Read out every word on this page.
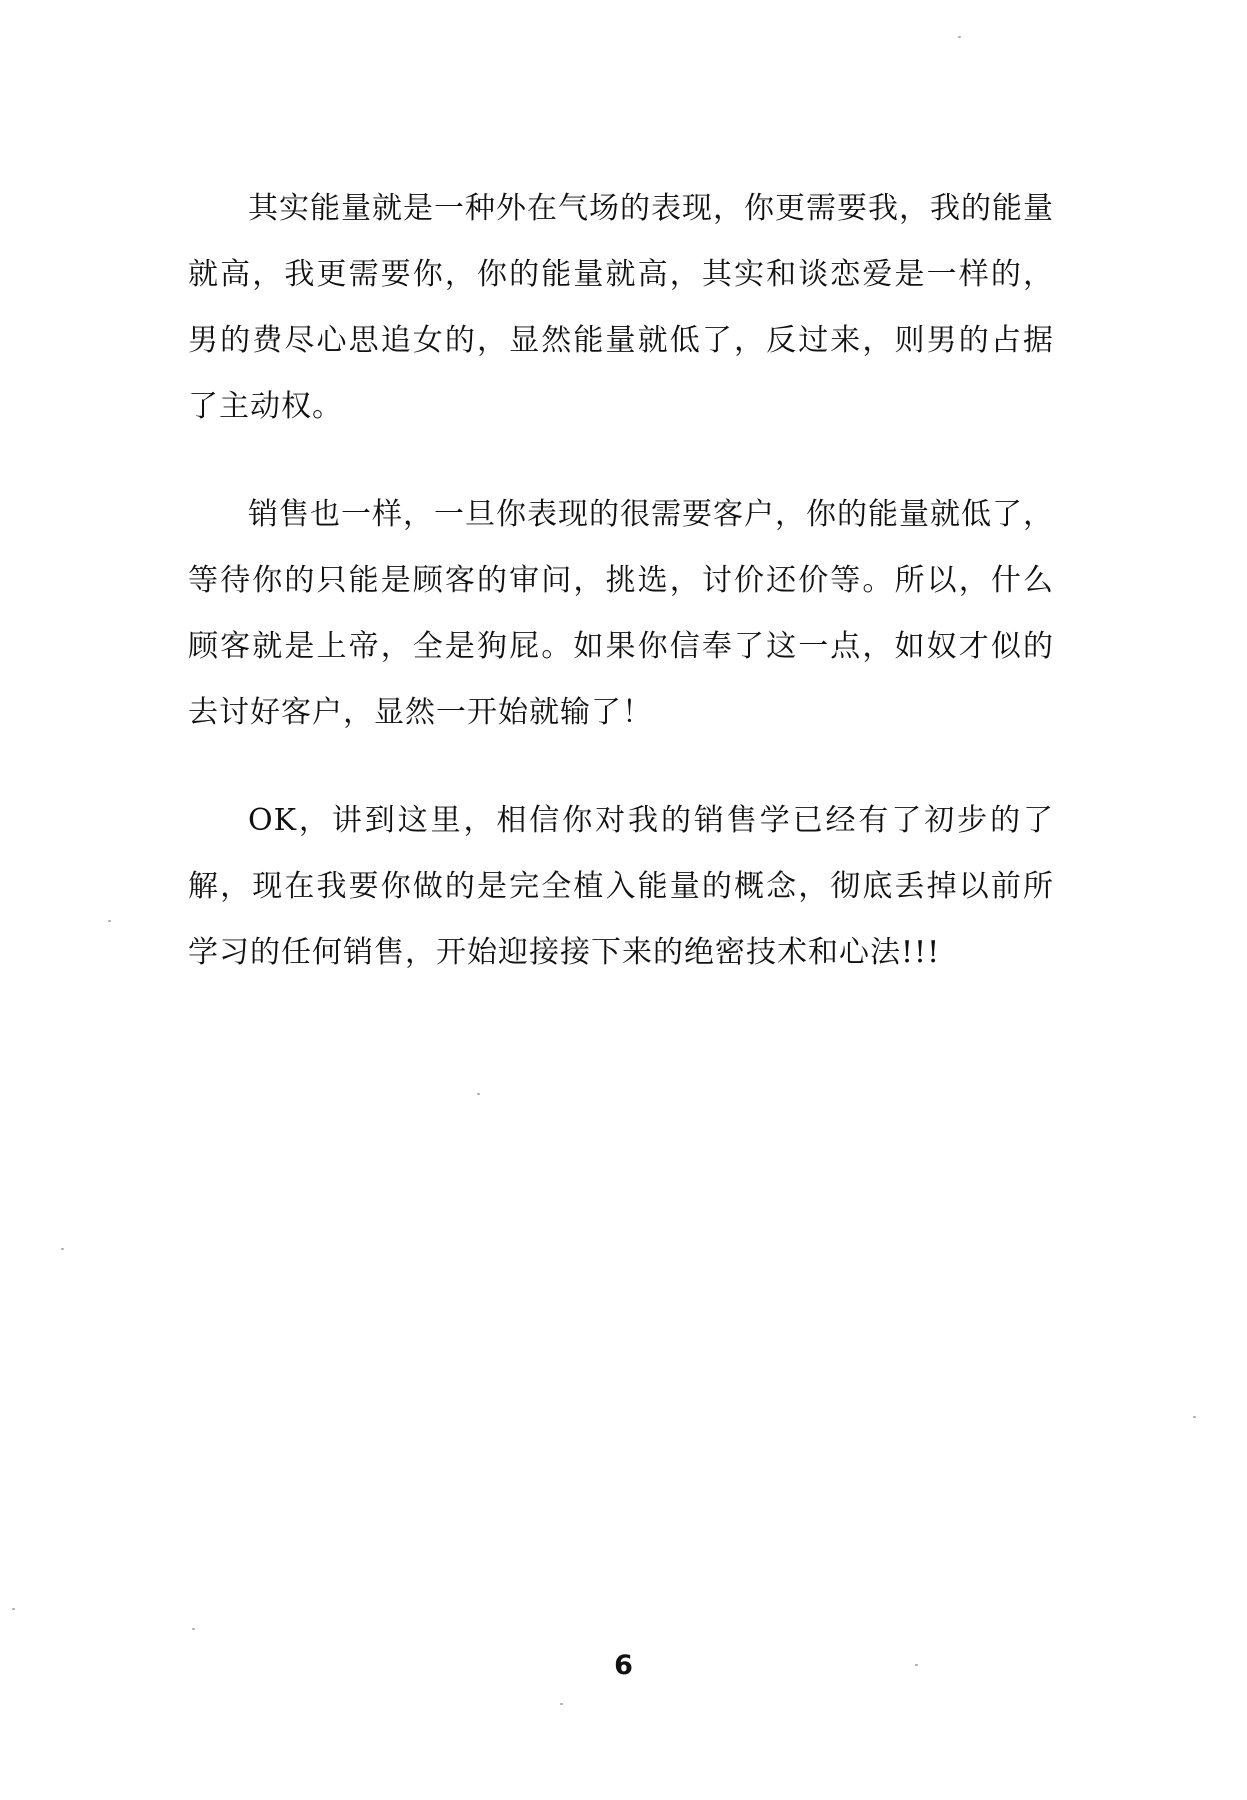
其实能量就是一种外在气场的表现，你更需要我，我的能量就高，我更需要你，你的能量就高，其实和谈恋爱是一样的，男的费尽心思追女的，显然能量就低了，反过来，则男的占据了主动权。

销售也一样，一旦你表现的很需要客户，你的能量就低了，等待你的只能是顾客的审问，挑选，讨价还价等。所以，什么顾客就是上帝，全是狗屁。如果你信奉了这一点，如奴才似的去讨好客户，显然一开始就输了！

OK，讲到这里，相信你对我的销售学已经有了初步的了解，现在我要你做的是完全植入能量的概念，彻底丢掉以前所学习的任何销售，开始迎接接下来的绝密技术和心法!!!

6
